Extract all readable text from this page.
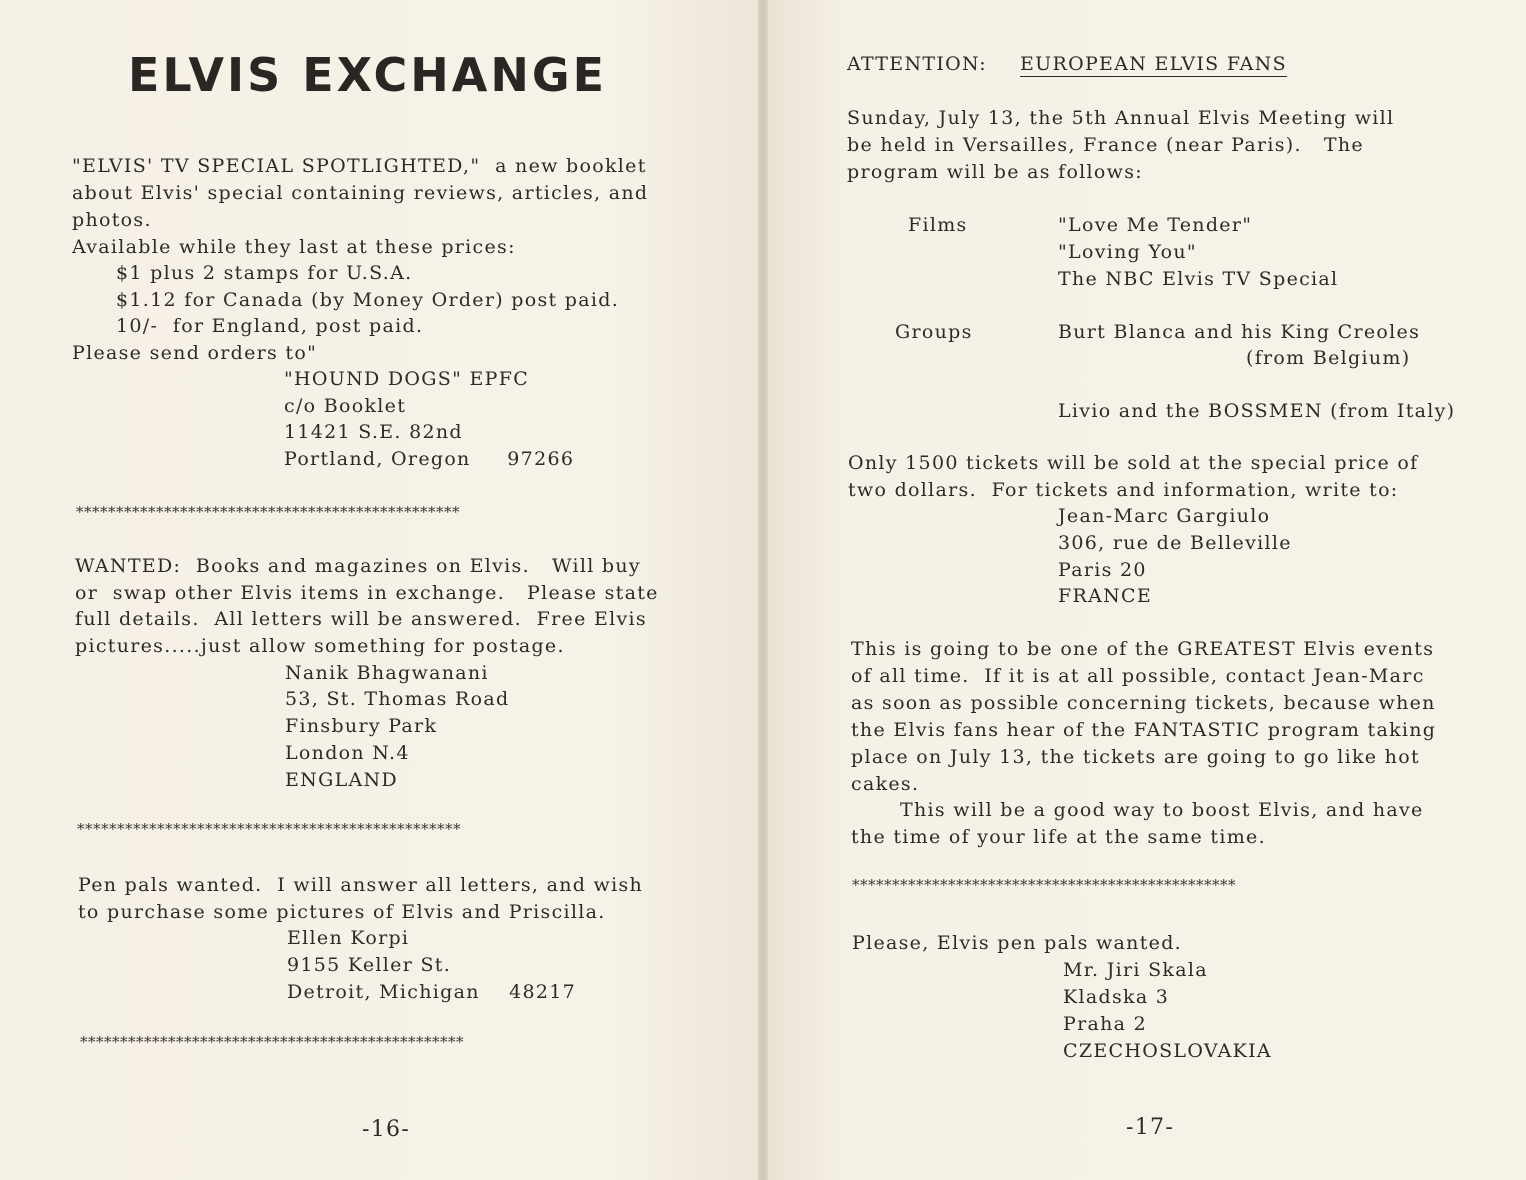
ELVIS EXCHANGE

"ELVIS' TV SPECIAL SPOTLIGHTED,"  a new booklet

about Elvis' special containing reviews, articles, and

photos.

Available while they last at these prices:

$1 plus 2 stamps for U.S.A.

$1.12 for Canada (by Money Order) post paid.

10/-  for England, post paid.

Please send orders to"

"HOUND DOGS" EPFC

c/o Booklet

11421 S.E. 82nd

Portland, Oregon     97266

************************************************

WANTED:  Books and magazines on Elvis.   Will buy

or  swap other Elvis items in exchange.   Please state

full details.  All letters will be answered.  Free Elvis

pictures.....just allow something for postage.

Nanik Bhagwanani

53, St. Thomas Road

Finsbury Park

London N.4

ENGLAND

************************************************

Pen pals wanted.  I will answer all letters, and wish

to purchase some pictures of Elvis and Priscilla.

Ellen Korpi

9155 Keller St.

Detroit, Michigan    48217

************************************************

-16-

ATTENTION: EUROPEAN ELVIS FANS

Sunday, July 13, the 5th Annual Elvis Meeting will

be held in Versailles, France (near Paris).   The

program will be as follows:

Films	"Love Me Tender"

"Loving You"

The NBC Elvis TV Special

Groups	Burt Blanca and his King Creoles

(from Belgium)

Livio and the BOSSMEN (from Italy)

Only 1500 tickets will be sold at the special price of

two dollars.  For tickets and information, write to:

Jean-Marc Gargiulo

306, rue de Belleville

Paris 20

FRANCE

This is going to be one of the GREATEST Elvis events

of all time.  If it is at all possible, contact Jean-Marc

as soon as possible concerning tickets, because when

the Elvis fans hear of the FANTASTIC program taking

place on July 13, the tickets are going to go like hot

cakes.

This will be a good way to boost Elvis, and have

the time of your life at the same time.

************************************************

Please, Elvis pen pals wanted.

Mr. Jiri Skala

Kladska 3

Praha 2

CZECHOSLOVAKIA

-17-
